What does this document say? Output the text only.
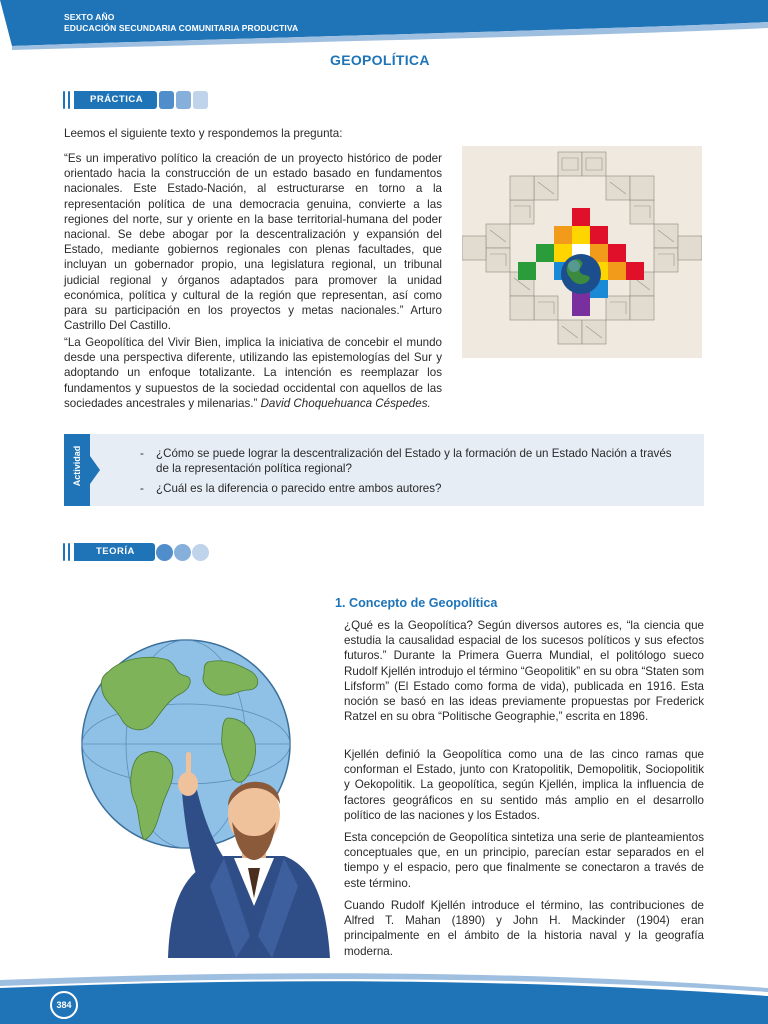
SEXTO AÑO
EDUCACIÓN SECUNDARIA COMUNITARIA PRODUCTIVA
GEOPOLÍTICA
PRÁCTICA
Leemos el siguiente texto y respondemos la pregunta:
“Es un imperativo político la creación de un proyecto histórico de poder orientado hacia la construcción de un estado basado en fundamentos nacionales. Este Estado-Nación, al estructurarse en torno a la representación política de una democracia genuina, convierte a las regiones del norte, sur y oriente en la base territorial-humana del poder nacional. Se debe abogar por la descentralización y expansión del Estado, mediante gobiernos regionales con plenas facultades, que incluyan un gobernador propio, una legislatura regional, un tribunal judicial regional y órganos adaptados para promover la unidad económica, política y cultural de la región que representan, así como para su participación en los proyectos y metas nacionales.” Arturo Castrillo Del Castillo.
“La Geopolítica del Vivir Bien, implica la iniciativa de concebir el mundo desde una perspectiva diferente, utilizando las epistemologías del Sur y adoptando un enfoque totalizante. La intención es reemplazar los fundamentos y supuestos de la sociedad occidental con aquellos de las sociedades ancestrales y milenarias.” David Choquehuanca Céspedes.
Actividad	- ¿Cómo se puede lograr la descentralización del Estado y la formación de un Estado Nación a través de la representación política regional?
- ¿Cuál es la diferencia o parecido entre ambos autores?
TEORÍA
1. Concepto de Geopolítica
¿Qué es la Geopolítica? Según diversos autores es, “la ciencia que estudia la causalidad espacial de los sucesos políticos y sus efectos futuros.” Durante la Primera Guerra Mundial, el politólogo sueco Rudolf Kjellén introdujo el término “Geopolitik” en su obra “Staten som Lifsform” (El Estado como forma de vida), publicada en 1916. Esta noción se basó en las ideas previamente propuestas por Frederick Ratzel en su obra “Politische Geographie,” escrita en 1896.
Kjellén definió la Geopolítica como una de las cinco ramas que conforman el Estado, junto con Kratopolitik, Demopolitik, Sociopolitik y Oekopolitik. La geopolítica, según Kjellén, implica la influencia de factores geográficos en su sentido más amplio en el desarrollo político de las naciones y los Estados.
Esta concepción de Geopolítica sintetiza una serie de planteamientos conceptuales que, en un principio, parecían estar separados en el tiempo y el espacio, pero que finalmente se conectaron a través de este término.
Cuando Rudolf Kjellén introduce el término, las contribuciones de Alfred T. Mahan (1890) y John H. Mackinder (1904) eran principalmente en el ámbito de la historia naval y la geografía moderna.
384
